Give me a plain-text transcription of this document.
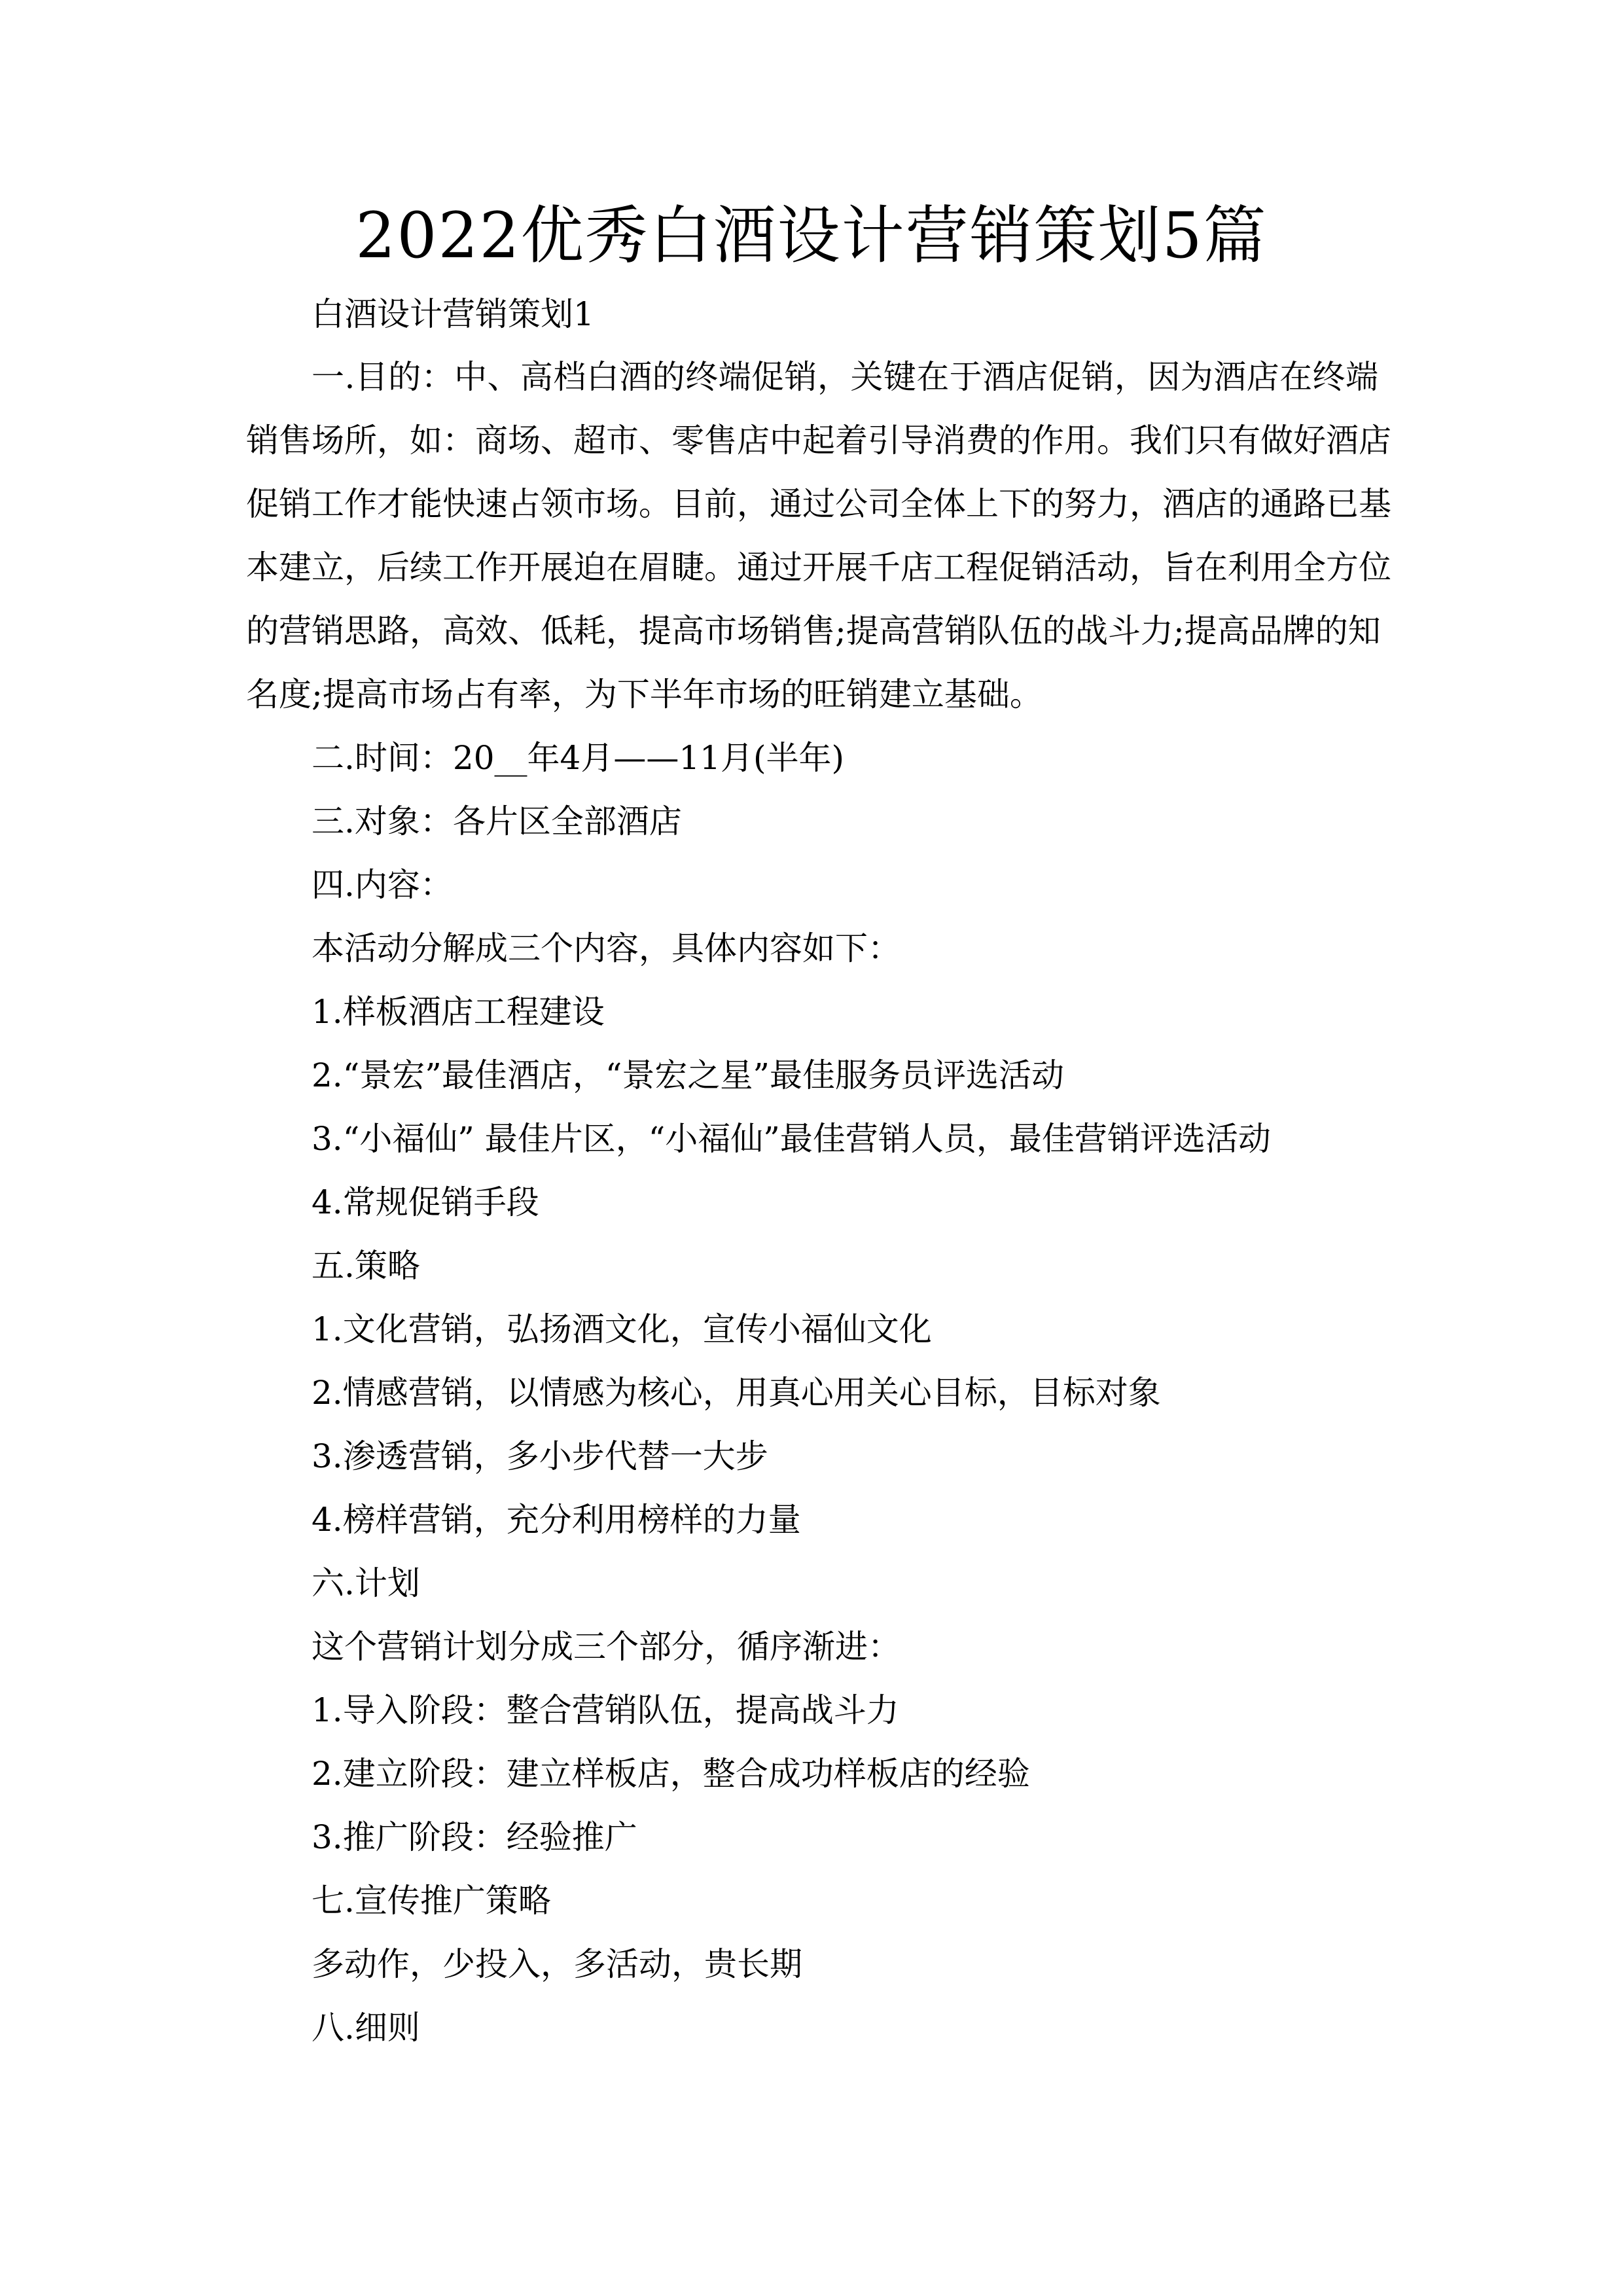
2022优秀白酒设计营销策划5篇
白酒设计营销策划1
一.目的：中、高档白酒的终端促销，关键在于酒店促销，因为酒店在终端
销售场所，如：商场、超市、零售店中起着引导消费的作用。我们只有做好酒店
促销工作才能快速占领市场。目前，通过公司全体上下的努力，酒店的通路已基
本建立，后续工作开展迫在眉睫。通过开展千店工程促销活动，旨在利用全方位
的营销思路，高效、低耗，提高市场销售;提高营销队伍的战斗力;提高品牌的知
名度;提高市场占有率，为下半年市场的旺销建立基础。
二.时间：20__年4月——11月(半年)
三.对象：各片区全部酒店
四.内容：
本活动分解成三个内容，具体内容如下：
1.样板酒店工程建设
2.“景宏”最佳酒店，“景宏之星”最佳服务员评选活动
3.“小福仙” 最佳片区，“小福仙”最佳营销人员，最佳营销评选活动
4.常规促销手段
五.策略
1.文化营销，弘扬酒文化，宣传小福仙文化
2.情感营销，以情感为核心，用真心用关心目标，目标对象
3.渗透营销，多小步代替一大步
4.榜样营销，充分利用榜样的力量
六.计划
这个营销计划分成三个部分，循序渐进：
1.导入阶段：整合营销队伍，提高战斗力
2.建立阶段：建立样板店，整合成功样板店的经验
3.推广阶段：经验推广
七.宣传推广策略
多动作，少投入，多活动，贵长期
八.细则
